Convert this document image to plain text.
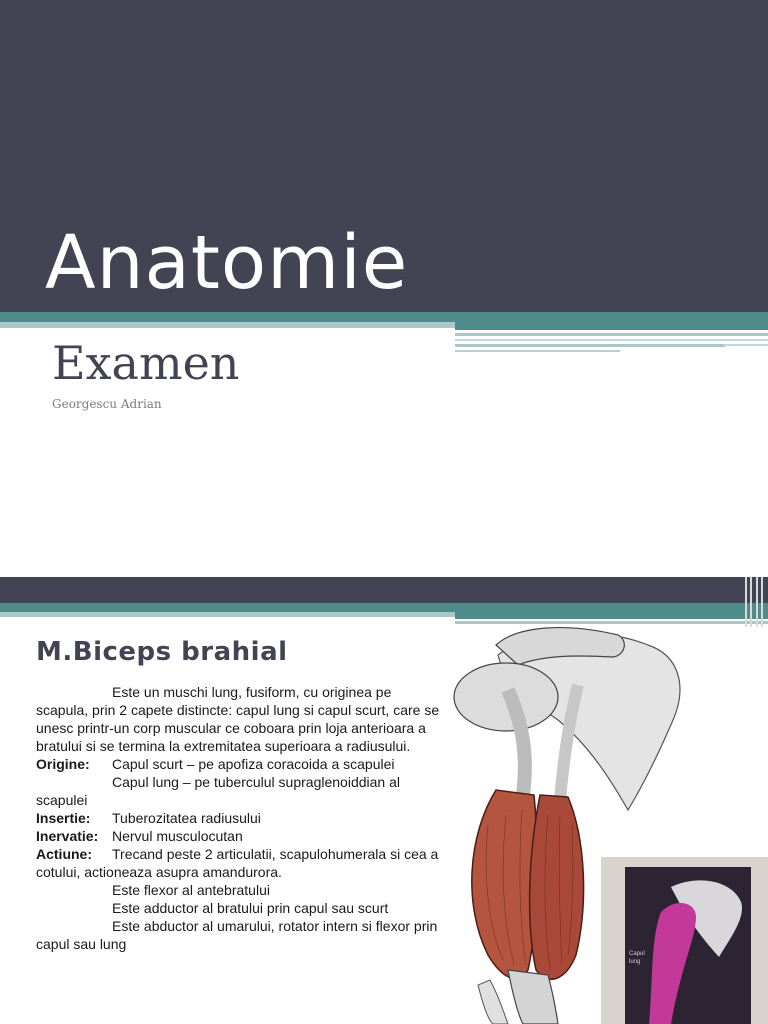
Anatomie
Examen
Georgescu Adrian
M.Biceps brahial

Este un muschi lung, fusiform, cu originea pe scapula, prin 2 capete distincte: capul lung si capul scurt, care se unesc printr-un corp muscular ce coboara prin loja anterioara a bratului si se termina la extremitatea superioara a radiusului.

Origine:	Capul scurt – pe apofiza coracoida a scapulei

Capul lung – pe tuberculul supraglenoiddian al scapulei

Insertie:	Tuberozitatea radiusului
Inervatie: Nervul musculocutan

Actiune: Trecand peste 2 articulatii, scapulohumerala si cea a cotului, actioneaza asupra amandurora.

Este flexor al antebratului

Este adductor al bratului prin capul sau scurt

Este abductor al umarului, rotator intern si flexor prin capul sau lung

Capul
lung
